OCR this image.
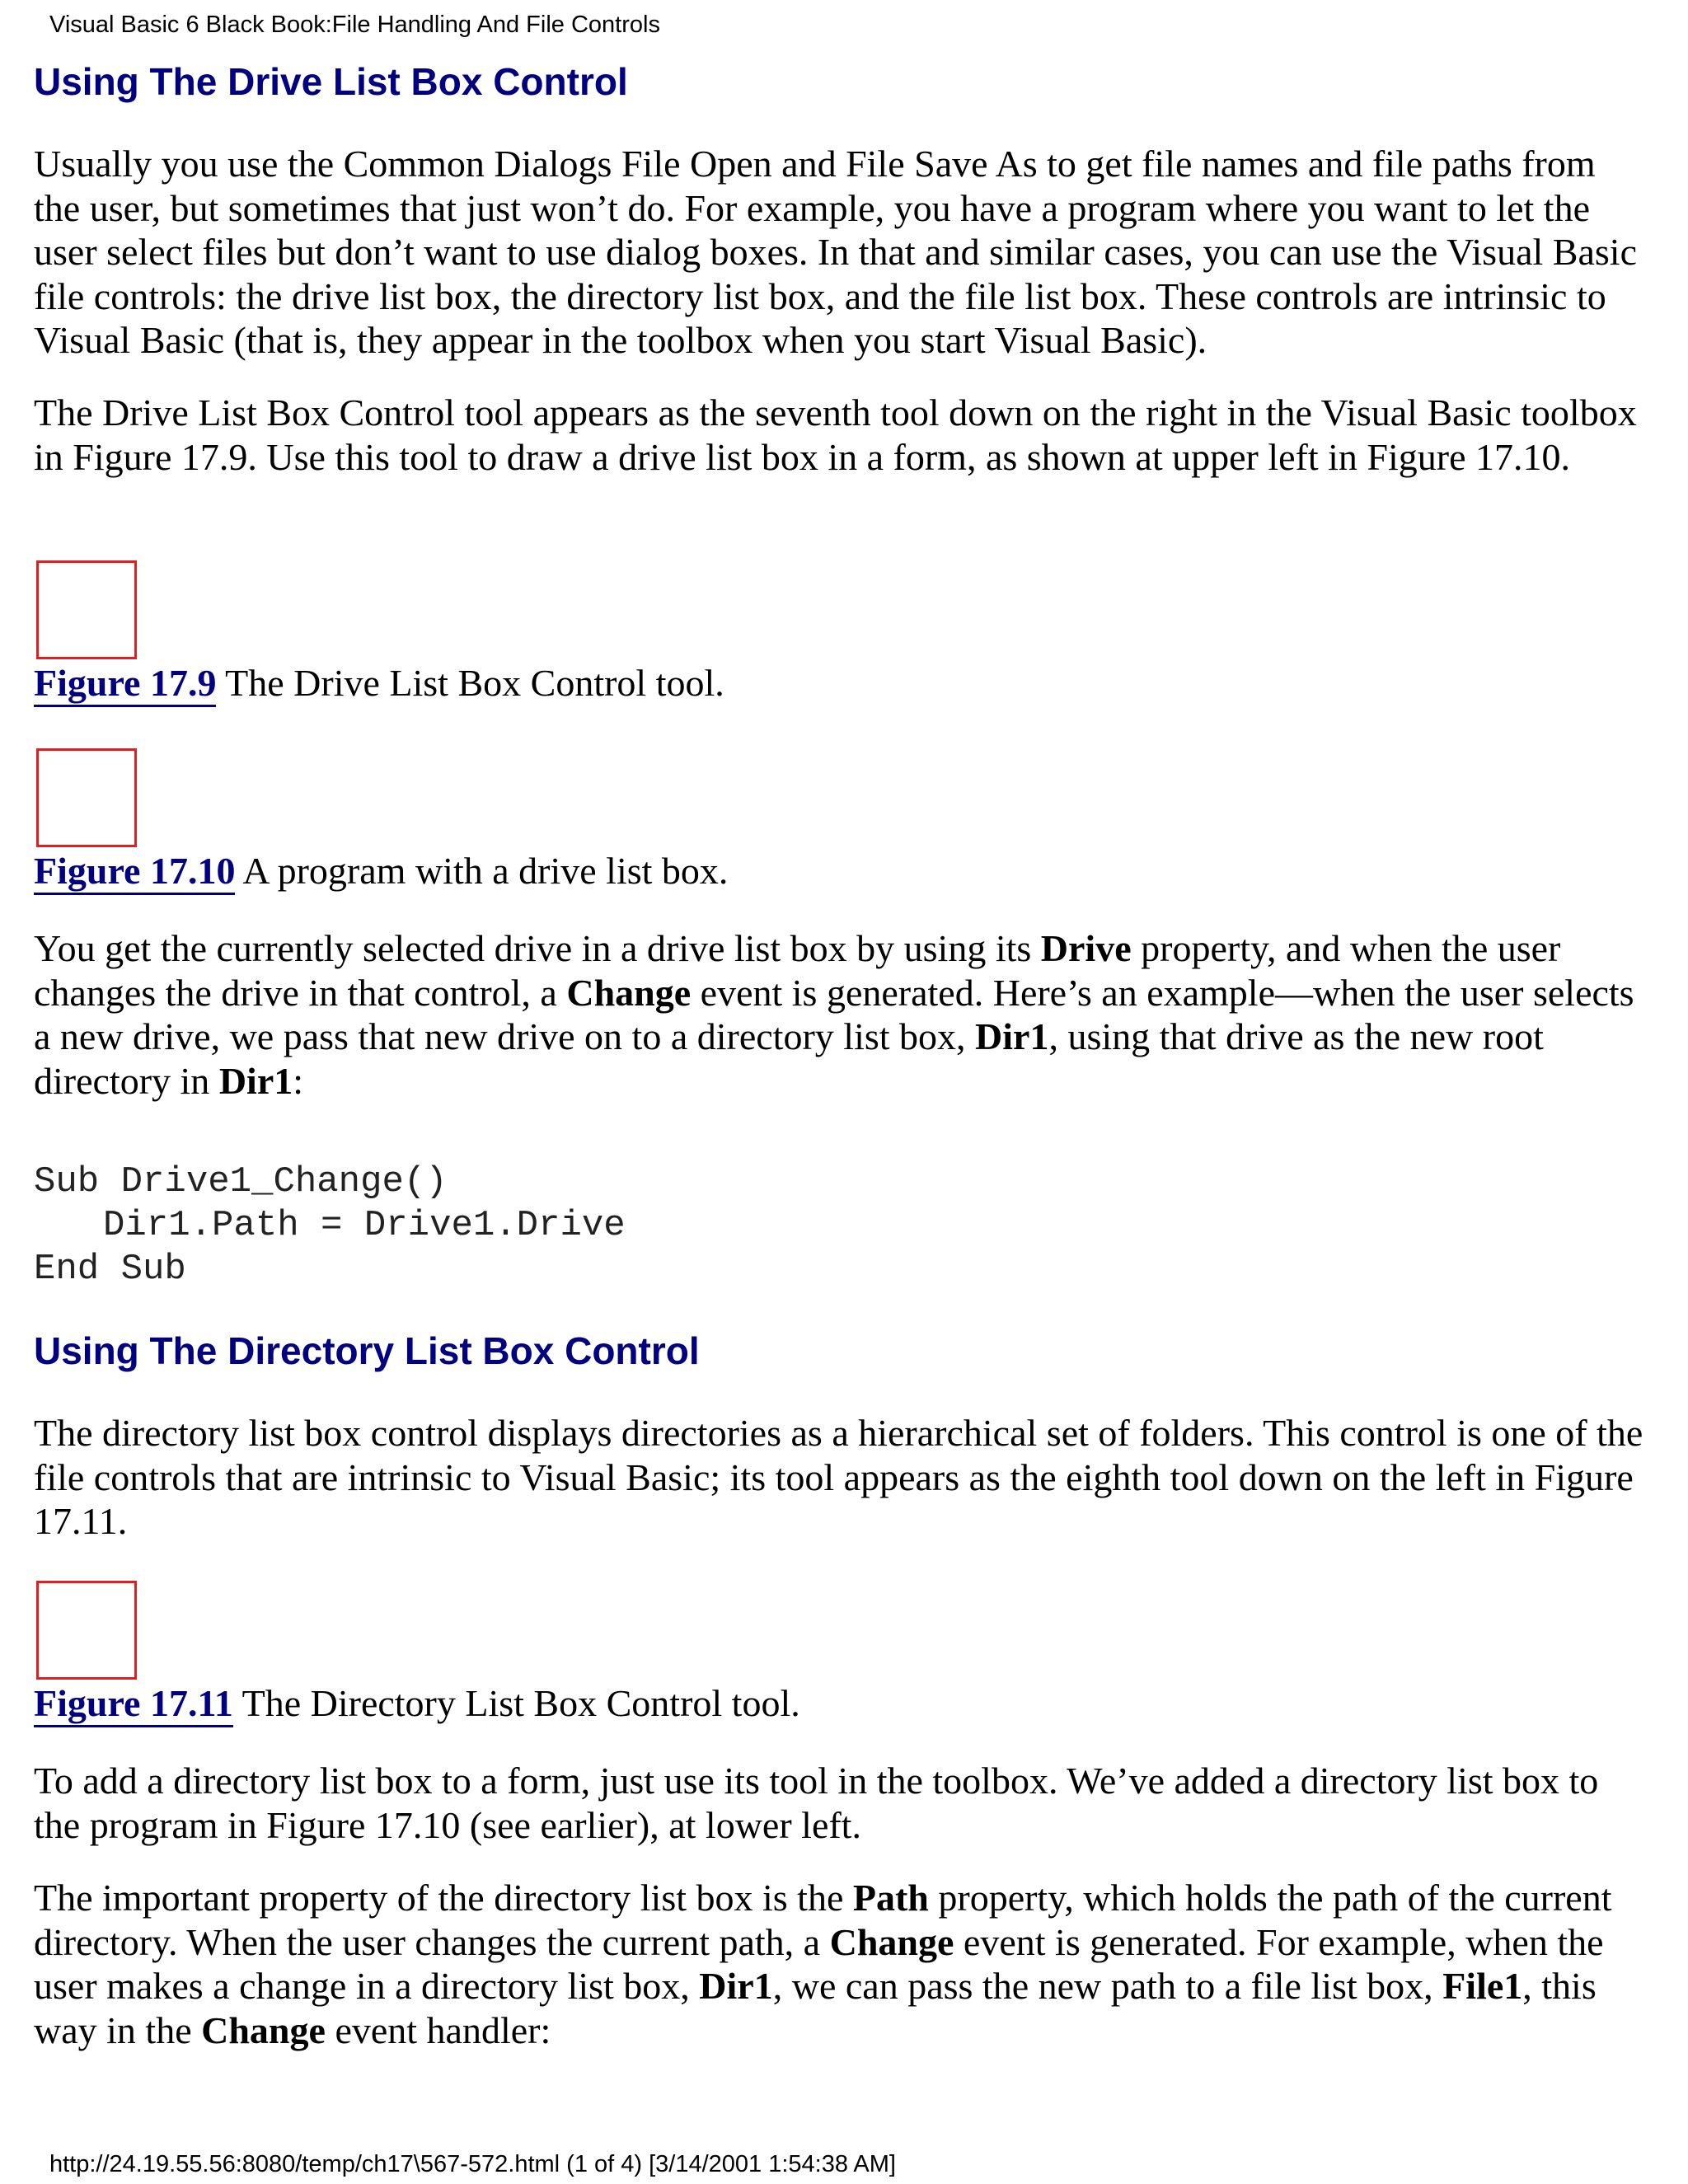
Visual Basic 6 Black Book:File Handling And File Controls
Using The Drive List Box Control

Usually you use the Common Dialogs File Open and File Save As to get file names and file paths from the user, but sometimes that just won’t do. For example, you have a program where you want to let the user select files but don’t want to use dialog boxes. In that and similar cases, you can use the Visual Basic file controls: the drive list box, the directory list box, and the file list box. These controls are intrinsic to Visual Basic (that is, they appear in the toolbox when you start Visual Basic).

The Drive List Box Control tool appears as the seventh tool down on the right in the Visual Basic toolbox in Figure 17.9. Use this tool to draw a drive list box in a form, as shown at upper left in Figure 17.10.

Figure 17.9 The Drive List Box Control tool.
Figure 17.10 A program with a drive list box.

You get the currently selected drive in a drive list box by using its Drive property, and when the user changes the drive in that control, a Change event is generated. Here’s an example—when the user selects a new drive, we pass that new drive on to a directory list box, Dir1, using that drive as the new root directory in Dir1:

Sub Drive1_Change()
Dir1.Path = Drive1.Drive
End Sub
Using The Directory List Box Control

The directory list box control displays directories as a hierarchical set of folders. This control is one of the file controls that are intrinsic to Visual Basic; its tool appears as the eighth tool down on the left in Figure 17.11.

Figure 17.11 The Directory List Box Control tool.

To add a directory list box to a form, just use its tool in the toolbox. We’ve added a directory list box to the program in Figure 17.10 (see earlier), at lower left.

The important property of the directory list box is the Path property, which holds the path of the current directory. When the user changes the current path, a Change event is generated. For example, when the user makes a change in a directory list box, Dir1, we can pass the new path to a file list box, File1, this way in the Change event handler:

http://24.19.55.56:8080/temp/ch17\567-572.html (1 of 4) [3/14/2001 1:54:38 AM]
